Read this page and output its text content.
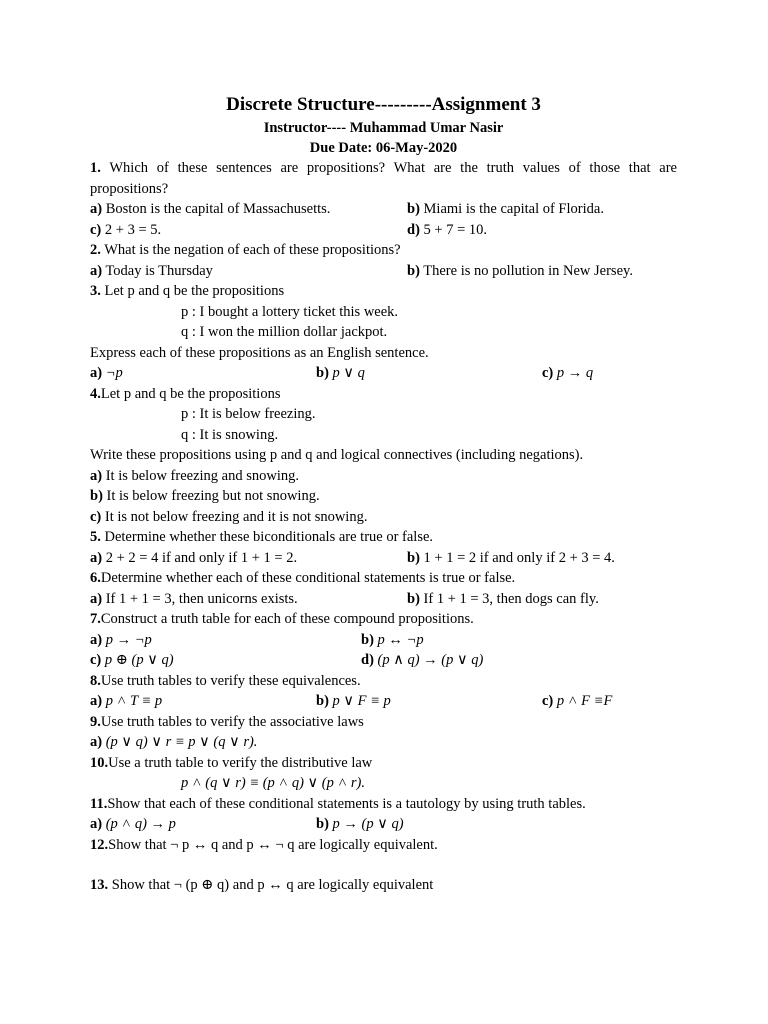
Discrete Structure---------Assignment 3
Instructor---- Muhammad Umar Nasir
Due Date: 06-May-2020
1. Which of these sentences are propositions? What are the truth values of those that are propositions?
a) Boston is the capital of Massachusetts.	b) Miami is the capital of Florida.
c) 2 + 3 = 5.	d) 5 + 7 = 10.
2. What is the negation of each of these propositions?
a) Today is Thursday	b) There is no pollution in New Jersey.
3. Let p and q be the propositions
p : I bought a lottery ticket this week.
q : I won the million dollar jackpot.
Express each of these propositions as an English sentence.
a) ¬p	b) p ∨ q	c) p → q
4.Let p and q be the propositions
p : It is below freezing.
q : It is snowing.
Write these propositions using p and q and logical connectives (including negations).
a) It is below freezing and snowing.
b) It is below freezing but not snowing.
c) It is not below freezing and it is not snowing.
5. Determine whether these biconditionals are true or false.
a) 2 + 2 = 4 if and only if 1 + 1 = 2.	b) 1 + 1 = 2 if and only if 2 + 3 = 4.
6.Determine whether each of these conditional statements is true or false.
a) If 1 + 1 = 3, then unicorns exists.	b) If 1 + 1 = 3, then dogs can fly.
7.Construct a truth table for each of these compound propositions.
a) p → ¬p	b) p ↔ ¬p
c) p ⊕ (p ∨ q)	d) (p ∧ q) → (p ∨ q)
8.Use truth tables to verify these equivalences.
a) p ˄ T ≡ p	b) p ∨ F ≡ p	c) p ˄ F ≡F
9.Use truth tables to verify the associative laws
a) (p ∨ q) ∨ r ≡ p ∨ (q ∨ r).
10.Use a truth table to verify the distributive law
p ˄ (q ∨ r) ≡ (p ˄ q) ∨ (p ˄ r).
11.Show that each of these conditional statements is a tautology by using truth tables.
a) (p ˄ q) → p	b) p → (p ∨ q)
12.Show that ¬ p ↔ q and p ↔ ¬ q are logically equivalent.
13. Show that ¬ (p ⊕ q) and p ↔ q are logically equivalent
